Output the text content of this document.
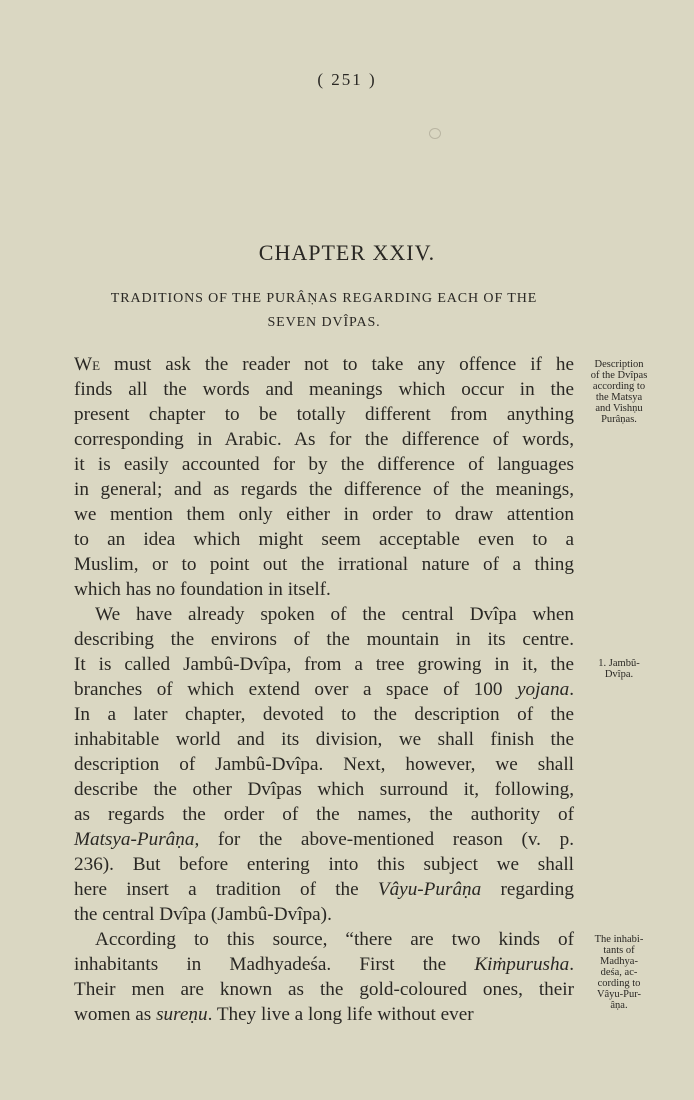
( 251 )
CHAPTER XXIV.
TRADITIONS OF THE PURÂṆAS REGARDING EACH OF THE
SEVEN DVÎPAS.
We must ask the reader not to take any offence if he
finds all the words and meanings which occur in the
present chapter to be totally different from anything
corresponding in Arabic. As for the difference of words,
it is easily accounted for by the difference of languages
in general; and as regards the difference of the meanings,
we mention them only either in order to draw attention
to an idea which might seem acceptable even to a
Muslim, or to point out the irrational nature of a thing
which has no foundation in itself.
We have already spoken of the central Dvîpa when
describing the environs of the mountain in its centre.
It is called Jambû-Dvîpa, from a tree growing in it, the
branches of which extend over a space of 100 yojana.
In a later chapter, devoted to the description of the
inhabitable world and its division, we shall finish the
description of Jambû-Dvîpa. Next, however, we shall
describe the other Dvîpas which surround it, following,
as regards the order of the names, the authority of
Matsya-Purâṇa, for the above-mentioned reason (v. p.
236). But before entering into this subject we shall
here insert a tradition of the Vâyu-Purâṇa regarding
the central Dvîpa (Jambû-Dvîpa).
According to this source, “there are two kinds of
inhabitants in Madhyadeśa. First the Kiṁpurusha.
Their men are known as the gold-coloured ones, their
women as sureṇu. They live a long life without ever
Description
of the Dvîpas
according to
the Matsya
and Vishṇu
Purâṇas.
1. Jambû-
Dvîpa.
The inhabi-
tants of
Madhya-
deśa, ac-
cording to
Vâyu-Pur-
âṇa.
